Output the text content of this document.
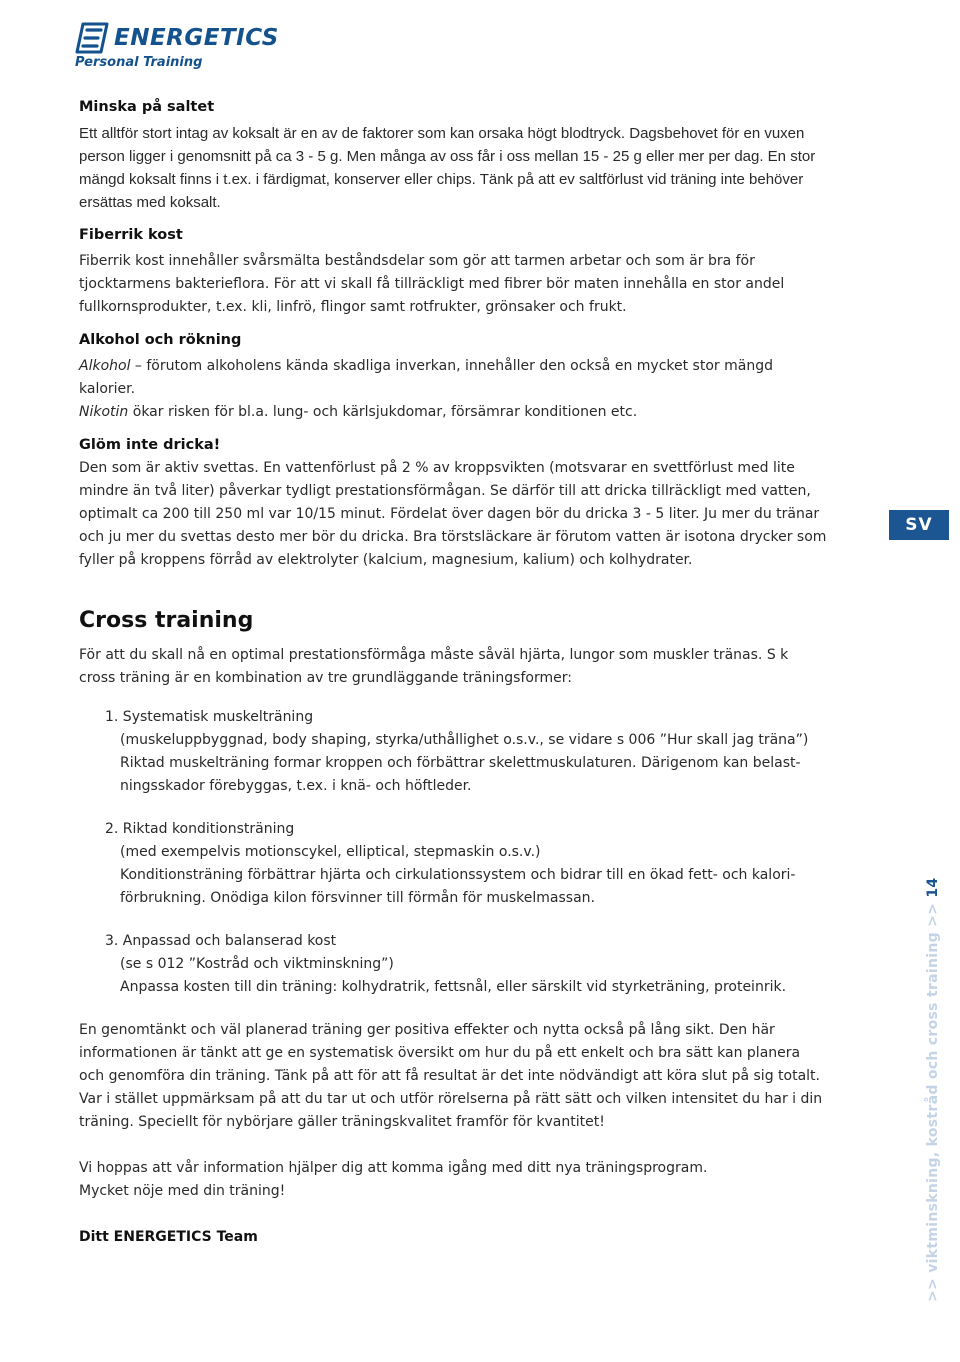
ENERGETICS

Personal Training

Minska på saltet

Ett alltför stort intag av koksalt är en av de faktorer som kan orsaka högt blodtryck. Dagsbehovet för en vuxen person ligger i genomsnitt på ca 3 - 5 g. Men många av oss får i oss mellan 15 - 25 g eller mer per dag. En stor mängd koksalt finns i t.ex. i färdigmat, konserver eller chips. Tänk på att ev saltförlust vid träning inte behöver ersättas med koksalt.

Fiberrik kost

Fiberrik kost innehåller svårsmälta beståndsdelar som gör att tarmen arbetar och som är bra för tjocktarmens bakterieflora. För att vi skall få tillräckligt med fibrer bör maten innehålla en stor andel fullkornsprodukter, t.ex. kli, linfrö, flingor samt rotfrukter, grönsaker och frukt.

Alkohol och rökning

Alkohol – förutom alkoholens kända skadliga inverkan, innehåller den också en mycket stor mängd kalorier.

Nikotin ökar risken för bl.a. lung- och kärlsjukdomar, försämrar konditionen etc.

Glöm inte dricka!

Den som är aktiv svettas. En vattenförlust på 2 % av kroppsvikten (motsvarar en svettförlust med lite mindre än två liter) påverkar tydligt prestationsförmågan. Se därför till att dricka tillräckligt med vatten, optimalt ca 200 till 250 ml var 10/15 minut. Fördelat över dagen bör du dricka 3 - 5 liter. Ju mer du tränar och ju mer du svettas desto mer bör du dricka. Bra törstsläckare är förutom vatten är isotona drycker som fyller på kroppens förråd av elektrolyter (kalcium, magnesium, kalium) och kolhydrater.

Cross training

För att du skall nå en optimal prestationsförmåga måste såväl hjärta, lungor som muskler tränas. S k cross träning är en kombination av tre grundläggande träningsformer:

1. Systematisk muskelträning

(muskeluppbyggnad, body shaping, styrka/uthållighet o.s.v., se vidare s 006 ”Hur skall jag träna”)

Riktad muskelträning formar kroppen och förbättrar skelettmuskulaturen. Därigenom kan belast- ningsskador förebyggas, t.ex. i knä- och höftleder.

2. Riktad konditionsträning

(med exempelvis motionscykel, elliptical, stepmaskin o.s.v.)

Konditionsträning förbättrar hjärta och cirkulationssystem och bidrar till en ökad fett- och kalori- förbrukning. Onödiga kilon försvinner till förmån för muskelmassan.

3. Anpassad och balanserad kost

(se s 012 ”Kostråd och viktminskning”)

Anpassa kosten till din träning: kolhydratrik, fettsnål, eller särskilt vid styrketräning, proteinrik.

En genomtänkt och väl planerad träning ger positiva effekter och nytta också på lång sikt. Den här informationen är tänkt att ge en systematisk översikt om hur du på ett enkelt och bra sätt kan planera och genomföra din träning. Tänk på att för att få resultat är det inte nödvändigt att köra slut på sig totalt. Var i stället uppmärksam på att du tar ut och utför rörelserna på rätt sätt och vilken intensitet du har i din träning. Speciellt för nybörjare gäller träningskvalitet framför för kvantitet!

Vi hoppas att vår information hjälper dig att komma igång med ditt nya träningsprogram.

Mycket nöje med din träning!

Ditt ENERGETICS Team

SV
>> viktminskning, kostråd och cross training >> 14
